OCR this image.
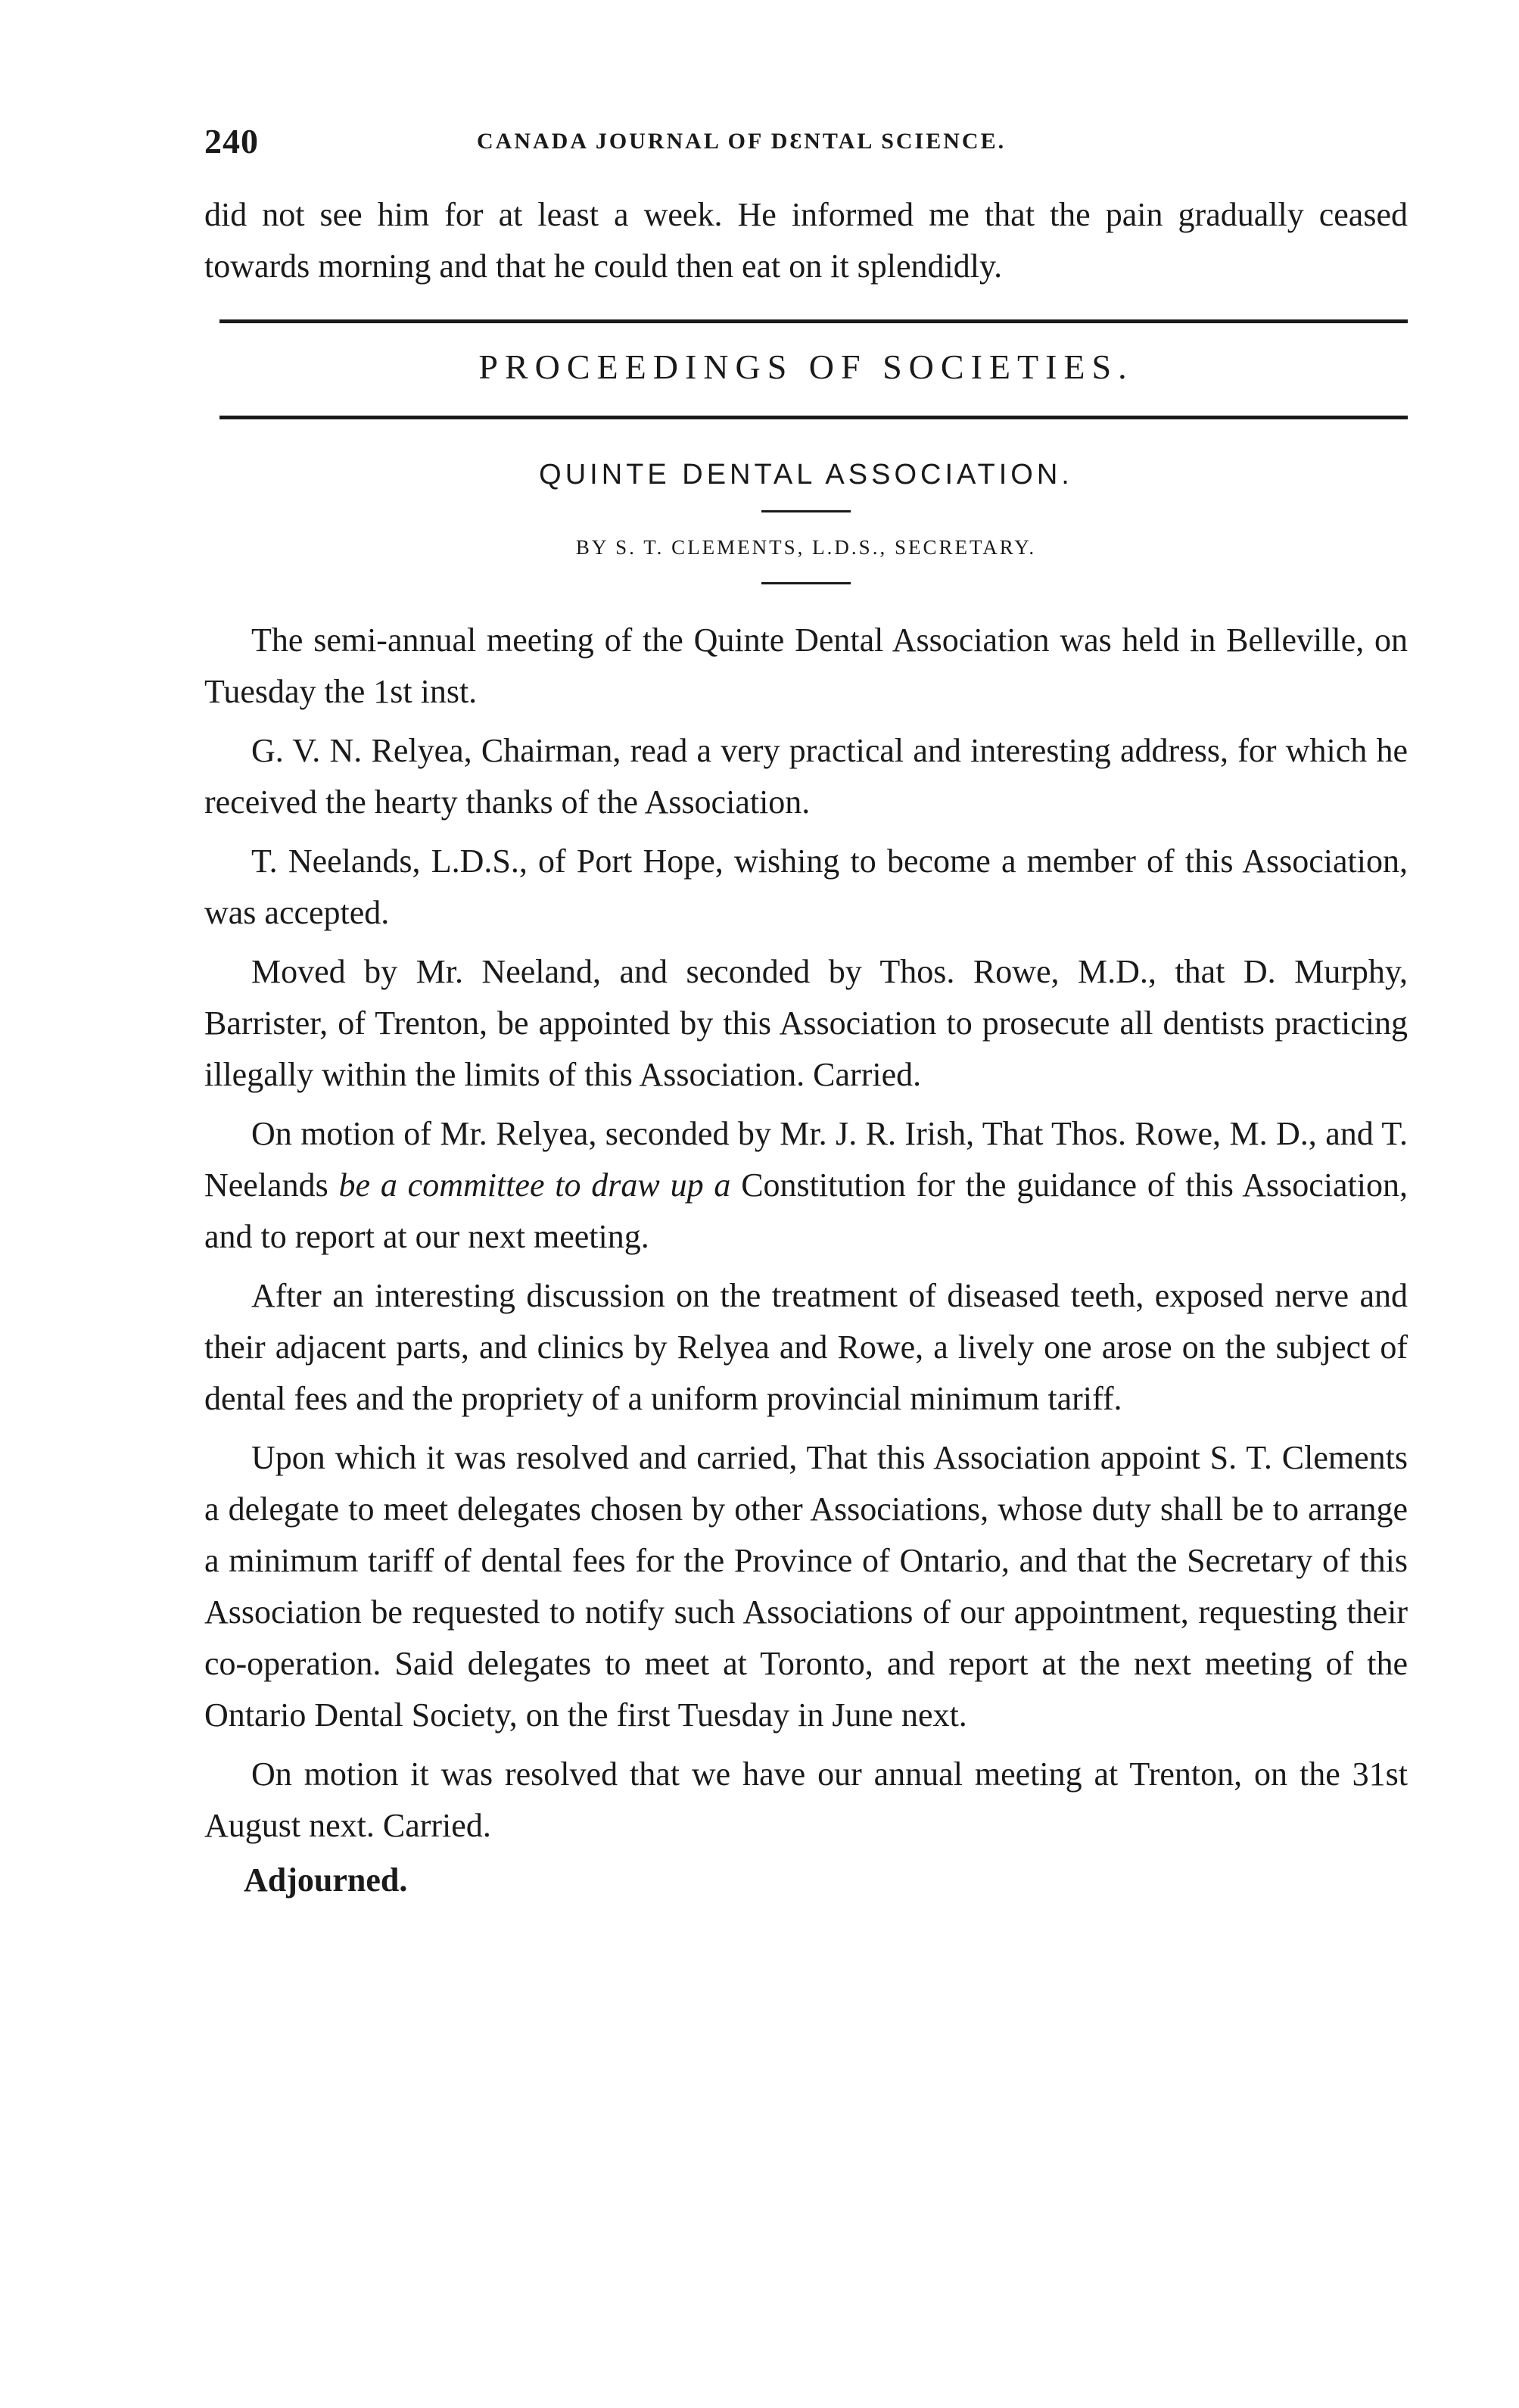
240	CANADA JOURNAL OF DƐNTAL SCIENCE.

did not see him for at least a week. He informed me that the pain gradually ceased towards morning and that he could then eat on it splendidly.

PROCEEDINGS OF SOCIETIES.
QUINTE DENTAL ASSOCIATION.
BY S. T. CLEMENTS, L.D.S., SECRETARY.

The semi-annual meeting of the Quinte Dental Association was held in Belleville, on Tuesday the 1st inst.

G. V. N. Relyea, Chairman, read a very practical and interesting address, for which he received the hearty thanks of the Association.

T. Neelands, L.D.S., of Port Hope, wishing to become a member of this Association, was accepted.

Moved by Mr. Neeland, and seconded by Thos. Rowe, M.D., that D. Murphy, Barrister, of Trenton, be appointed by this Association to prosecute all dentists practicing illegally within the limits of this Association. Carried.

On motion of Mr. Relyea, seconded by Mr. J. R. Irish, That Thos. Rowe, M. D., and T. Neelands be a committee to draw up a Constitution for the guidance of this Association, and to report at our next meeting.

After an interesting discussion on the treatment of diseased teeth, exposed nerve and their adjacent parts, and clinics by Relyea and Rowe, a lively one arose on the subject of dental fees and the propriety of a uniform provincial minimum tariff.

Upon which it was resolved and carried, That this Association appoint S. T. Clements a delegate to meet delegates chosen by other Associations, whose duty shall be to arrange a minimum tariff of dental fees for the Province of Ontario, and that the Secretary of this Association be requested to notify such Associations of our appointment, requesting their co-operation. Said delegates to meet at Toronto, and report at the next meeting of the Ontario Dental Society, on the first Tuesday in June next.

On motion it was resolved that we have our annual meeting at Trenton, on the 31st August next. Carried.

Adjourned.
